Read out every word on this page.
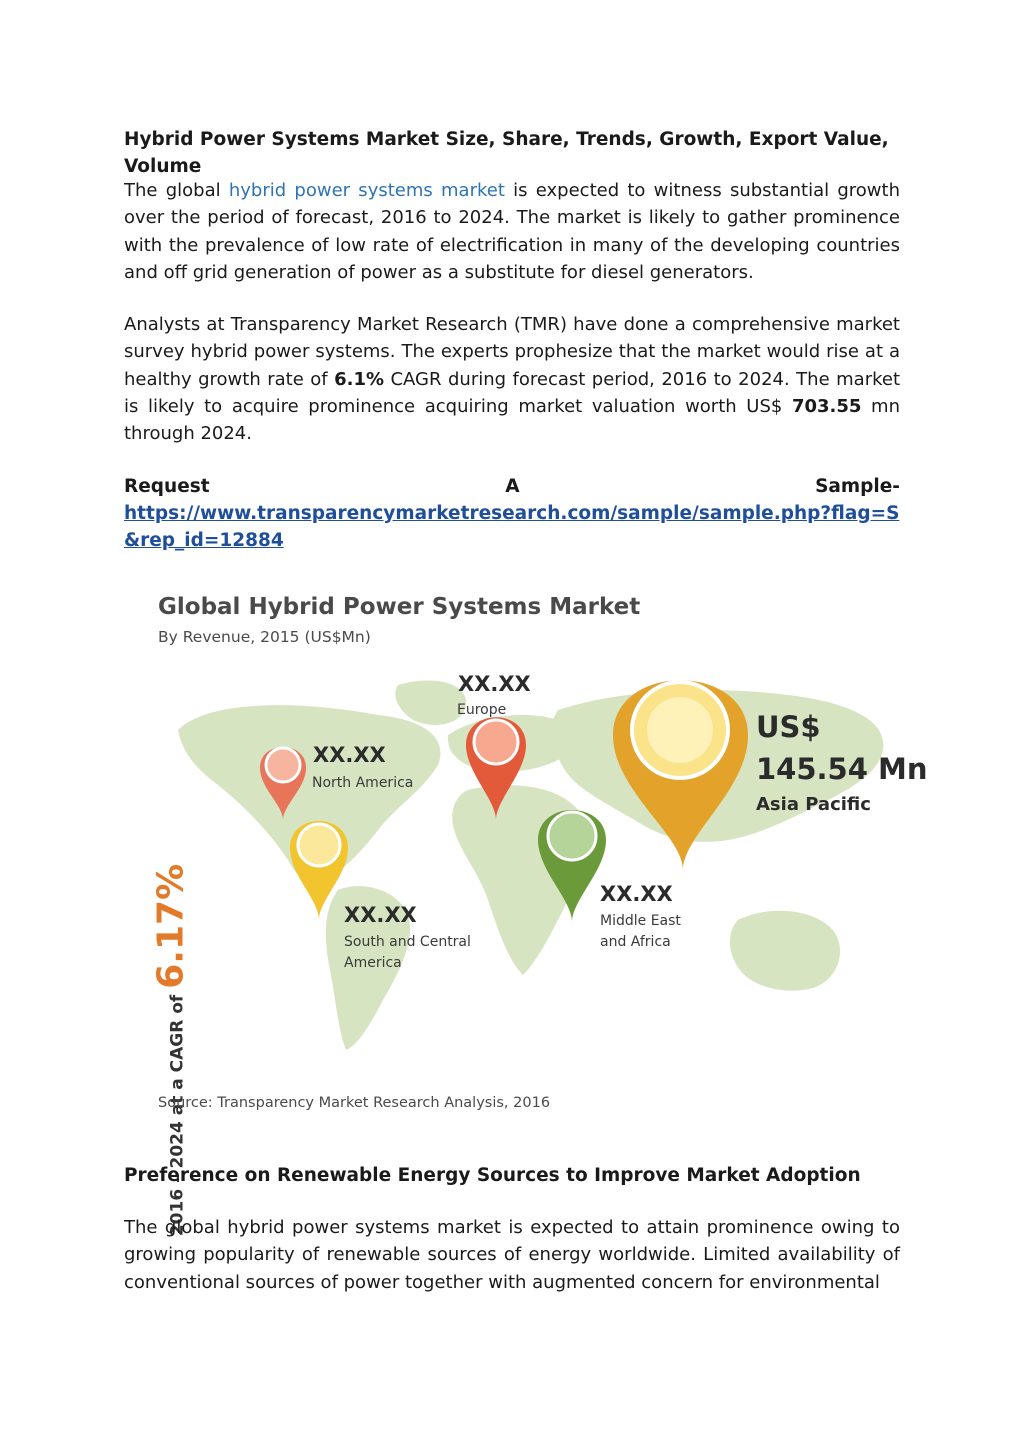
Hybrid Power Systems Market Size, Share, Trends, Growth, Export Value, Volume

The global hybrid power systems market is expected to witness substantial growth over the period of forecast, 2016 to 2024. The market is likely to gather prominence with the prevalence of low rate of electrification in many of the developing countries and off grid generation of power as a substitute for diesel generators.

Analysts at Transparency Market Research (TMR) have done a comprehensive market survey hybrid power systems. The experts prophesize that the market would rise at a healthy growth rate of 6.1% CAGR during forecast period, 2016 to 2024. The market is likely to acquire prominence acquiring market valuation worth US$ 703.55 mn through 2024.

Request	A	Sample-
https://www.transparencymarketresearch.com/sample/sample.php?flag=S&rep_id=12884
Global Hybrid Power Systems Market
By Revenue, 2015 (US$Mn)
2016 – 2024 at a CAGR of 6.17%
XX.XX
Europe
XX.XX
North America
US$
145.54 Mn
Asia Pacific
XX.XX
Middle East
and Africa
XX.XX
South and Central
America
Source: Transparency Market Research Analysis, 2016
Preference on Renewable Energy Sources to Improve Market Adoption

The global hybrid power systems market is expected to attain prominence owing to growing popularity of renewable sources of energy worldwide. Limited availability of conventional sources of power together with augmented concern for environmental
